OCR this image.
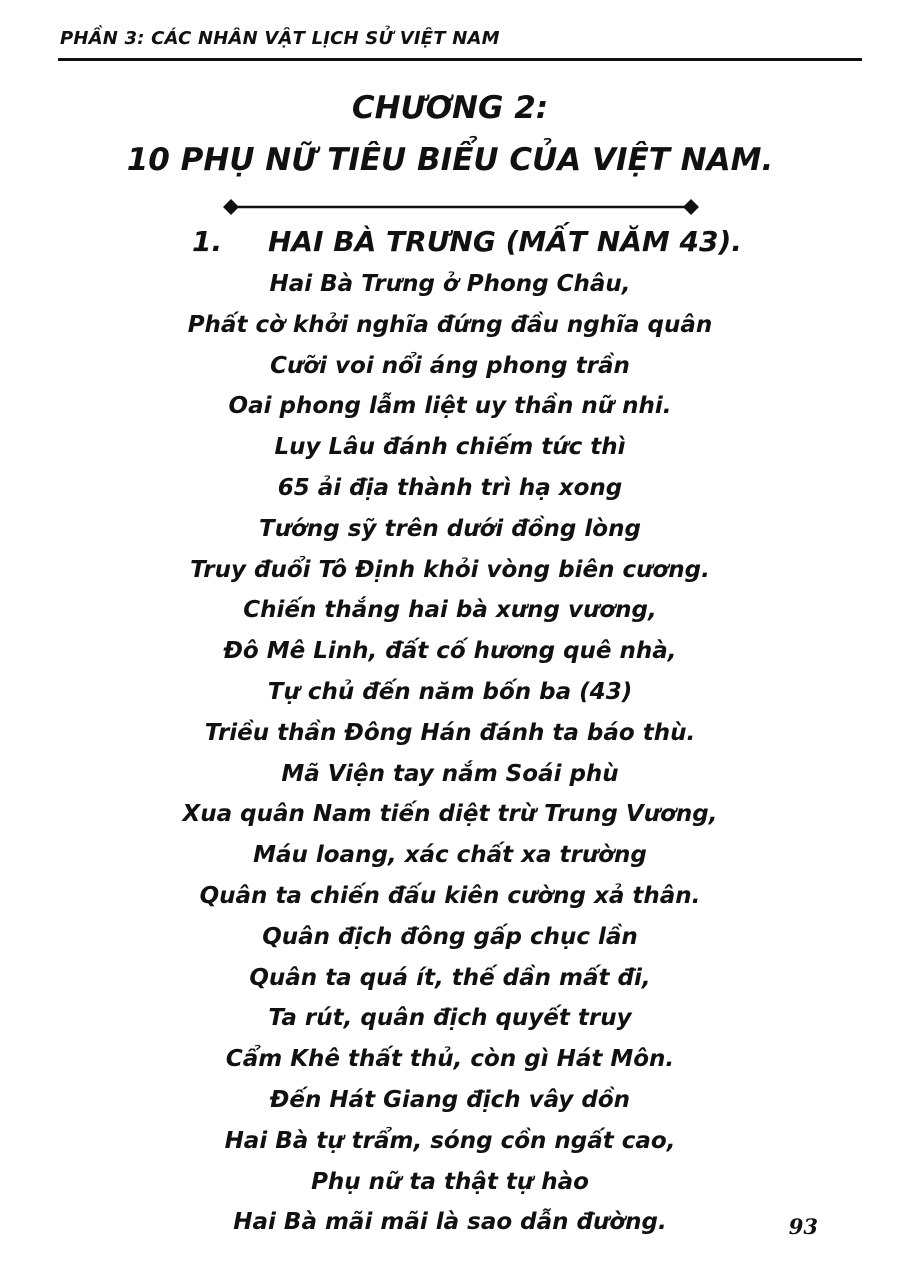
PHẦN 3: CÁC NHÂN VẬT LỊCH SỬ VIỆT NAM
CHƯƠNG 2:
10 PHỤ NỮ TIÊU BIỂU CỦA VIỆT NAM.
1. HAI BÀ TRƯNG (MẤT NĂM 43).
Hai Bà Trưng ở Phong Châu,
Phất cờ khởi nghĩa đứng đầu nghĩa quân
Cưỡi voi nổi áng phong trần
Oai phong lẫm liệt uy thần nữ nhi.
Luy Lâu đánh chiếm tức thì
65 ải địa thành trì hạ xong
Tướng sỹ trên dưới đồng lòng
Truy đuổi Tô Định khỏi vòng biên cương.
Chiến thắng hai bà xưng vương,
Đô Mê Linh, đất cố hương quê nhà,
Tự chủ đến năm bốn ba (43)
Triều thần Đông Hán đánh ta báo thù.
Mã Viện tay nắm Soái phù
Xua quân Nam tiến diệt trừ Trung Vương,
Máu loang, xác chất xa trường
Quân ta chiến đấu kiên cường xả thân.
Quân địch đông gấp chục lần
Quân ta quá ít, thế dần mất đi,
Ta rút, quân địch quyết truy
Cẩm Khê thất thủ, còn gì Hát Môn.
Đến Hát Giang địch vây dồn
Hai Bà tự trẩm, sóng cồn ngất cao,
Phụ nữ ta thật tự hào
Hai Bà mãi mãi là sao dẫn đường.	93
